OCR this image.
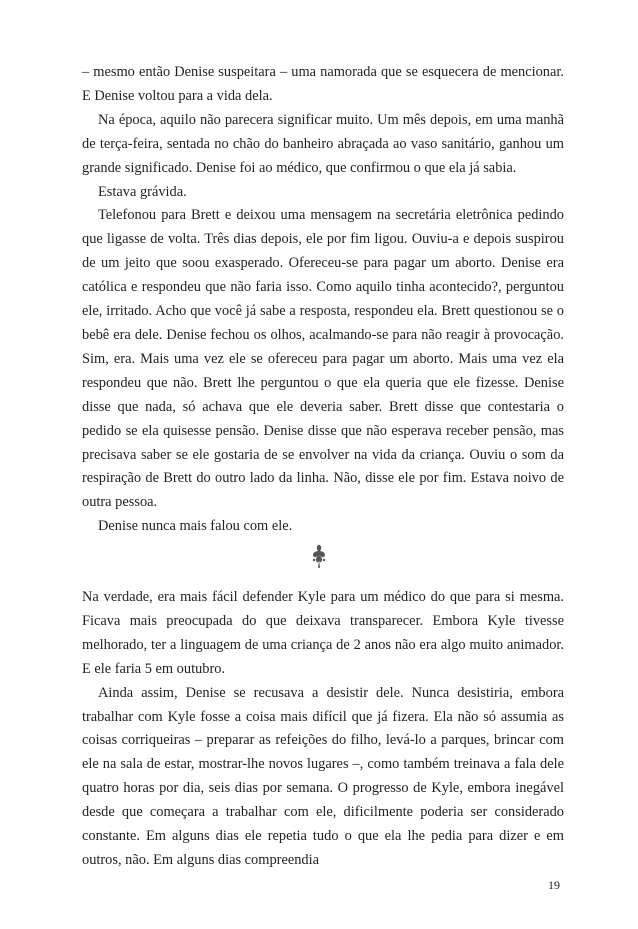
– mesmo então Denise suspeitara – uma namorada que se esquecera de mencionar. E Denise voltou para a vida dela.

Na época, aquilo não parecera significar muito. Um mês depois, em uma manhã de terça-feira, sentada no chão do banheiro abraçada ao vaso sanitário, ganhou um grande significado. Denise foi ao médico, que confirmou o que ela já sabia.

Estava grávida.

Telefonou para Brett e deixou uma mensagem na secretária eletrônica pedindo que ligasse de volta. Três dias depois, ele por fim ligou. Ouviu-a e depois suspirou de um jeito que soou exasperado. Ofereceu-se para pagar um aborto. Denise era católica e respondeu que não faria isso. Como aquilo tinha acontecido?, perguntou ele, irritado. Acho que você já sabe a resposta, respondeu ela. Brett questionou se o bebê era dele. Denise fechou os olhos, acalmando-se para não reagir à provocação. Sim, era. Mais uma vez ele se ofereceu para pagar um aborto. Mais uma vez ela respondeu que não. Brett lhe perguntou o que ela queria que ele fizesse. Denise disse que nada, só achava que ele deveria saber. Brett disse que contestaria o pedido se ela quisesse pensão. Denise disse que não esperava receber pensão, mas precisava saber se ele gostaria de se envolver na vida da criança. Ouviu o som da respiração de Brett do outro lado da linha. Não, disse ele por fim. Estava noivo de outra pessoa.

Denise nunca mais falou com ele.

Na verdade, era mais fácil defender Kyle para um médico do que para si mesma. Ficava mais preocupada do que deixava transparecer. Embora Kyle tivesse melhorado, ter a linguagem de uma criança de 2 anos não era algo muito animador. E ele faria 5 em outubro.

Ainda assim, Denise se recusava a desistir dele. Nunca desistiria, embora trabalhar com Kyle fosse a coisa mais difícil que já fizera. Ela não só assumia as coisas corriqueiras – preparar as refeições do filho, levá-lo a parques, brincar com ele na sala de estar, mostrar-lhe novos lugares –, como também treinava a fala dele quatro horas por dia, seis dias por semana. O progresso de Kyle, embora inegável desde que começara a trabalhar com ele, dificilmente poderia ser considerado constante. Em alguns dias ele repetia tudo o que ela lhe pedia para dizer e em outros, não. Em alguns dias compreendia

19
